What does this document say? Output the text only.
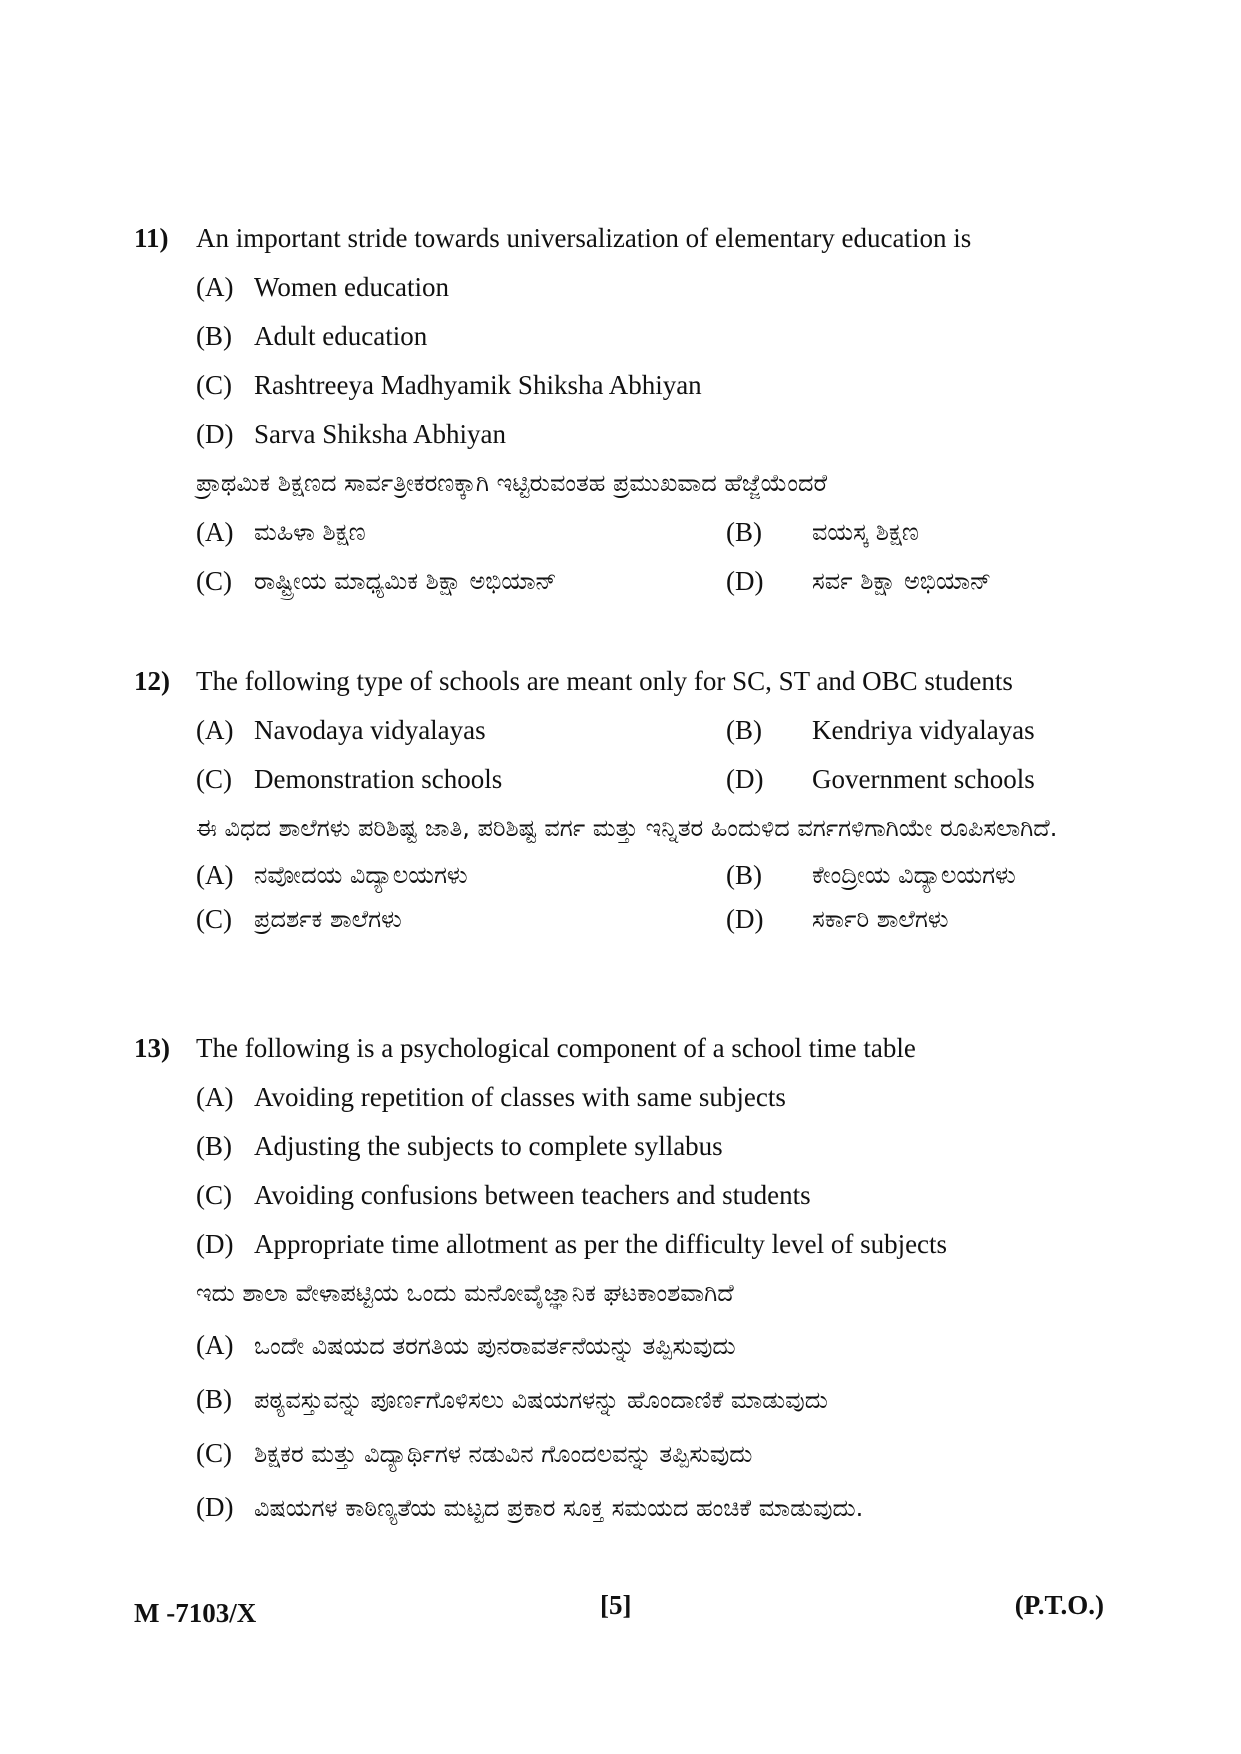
11)	An important stride towards universalization of elementary education is
(A) Women education
(B) Adult education
(C) Rashtreeya Madhyamik Shiksha Abhiyan
(D) Sarva Shiksha Abhiyan
ಪ್ರಾಥಮಿಕ ಶಿಕ್ಷಣದ ಸಾರ್ವತ್ರೀಕರಣಕ್ಕಾಗಿ ಇಟ್ಟಿರುವಂತಹ ಪ್ರಮುಖವಾದ ಹೆಜ್ಜೆಯೆಂದರೆ
(A) ಮಹಿಳಾ ಶಿಕ್ಷಣ	(B)	ವಯಸ್ಕ ಶಿಕ್ಷಣ
(C) ರಾಷ್ಟ್ರೀಯ ಮಾಧ್ಯಮಿಕ ಶಿಕ್ಷಾ ಅಭಿಯಾನ್	(D)	ಸರ್ವ ಶಿಕ್ಷಾ ಅಭಿಯಾನ್
12) The following type of schools are meant only for SC, ST and OBC students
(A) Navodaya vidyalayas	(B)	Kendriya vidyalayas
(C) Demonstration schools	(D)	Government schools
ಈ ವಿಧದ ಶಾಲೆಗಳು ಪರಿಶಿಷ್ಟ ಜಾತಿ, ಪರಿಶಿಷ್ಟ ವರ್ಗ ಮತ್ತು ಇನ್ನಿತರ ಹಿಂದುಳಿದ ವರ್ಗಗಳಿಗಾಗಿಯೇ ರೂಪಿಸಲಾಗಿದೆ.
(A) ನವೋದಯ ವಿದ್ಯಾಲಯಗಳು	(B)	ಕೇಂದ್ರೀಯ ವಿದ್ಯಾಲಯಗಳು
(C) ಪ್ರದರ್ಶಕ ಶಾಲೆಗಳು	(D)	ಸರ್ಕಾರಿ ಶಾಲೆಗಳು
13) The following is a psychological component of a school time table
(A) Avoiding repetition of classes with same subjects
(B) Adjusting the subjects to complete syllabus
(C) Avoiding confusions between teachers and students
(D) Appropriate time allotment as per the difficulty level of subjects
ಇದು ಶಾಲಾ ವೇಳಾಪಟ್ಟಿಯ ಒಂದು ಮನೋವೈಜ್ಞಾನಿಕ ಘಟಕಾಂಶವಾಗಿದೆ
(A) ಒಂದೇ ವಿಷಯದ ತರಗತಿಯ ಪುನರಾವರ್ತನೆಯನ್ನು ತಪ್ಪಿಸುವುದು
(B) ಪಠ್ಯವಸ್ತುವನ್ನು ಪೂರ್ಣಗೊಳಿಸಲು ವಿಷಯಗಳನ್ನು ಹೊಂದಾಣಿಕೆ ಮಾಡುವುದು
(C) ಶಿಕ್ಷಕರ ಮತ್ತು ವಿದ್ಯಾರ್ಥಿಗಳ ನಡುವಿನ ಗೊಂದಲವನ್ನು ತಪ್ಪಿಸುವುದು
(D) ವಿಷಯಗಳ ಕಾಠಿಣ್ಯತೆಯ ಮಟ್ಟದ ಪ್ರಕಾರ ಸೂಕ್ತ ಸಮಯದ ಹಂಚಿಕೆ ಮಾಡುವುದು.
M -7103/X	[5]	(P.T.O.)
